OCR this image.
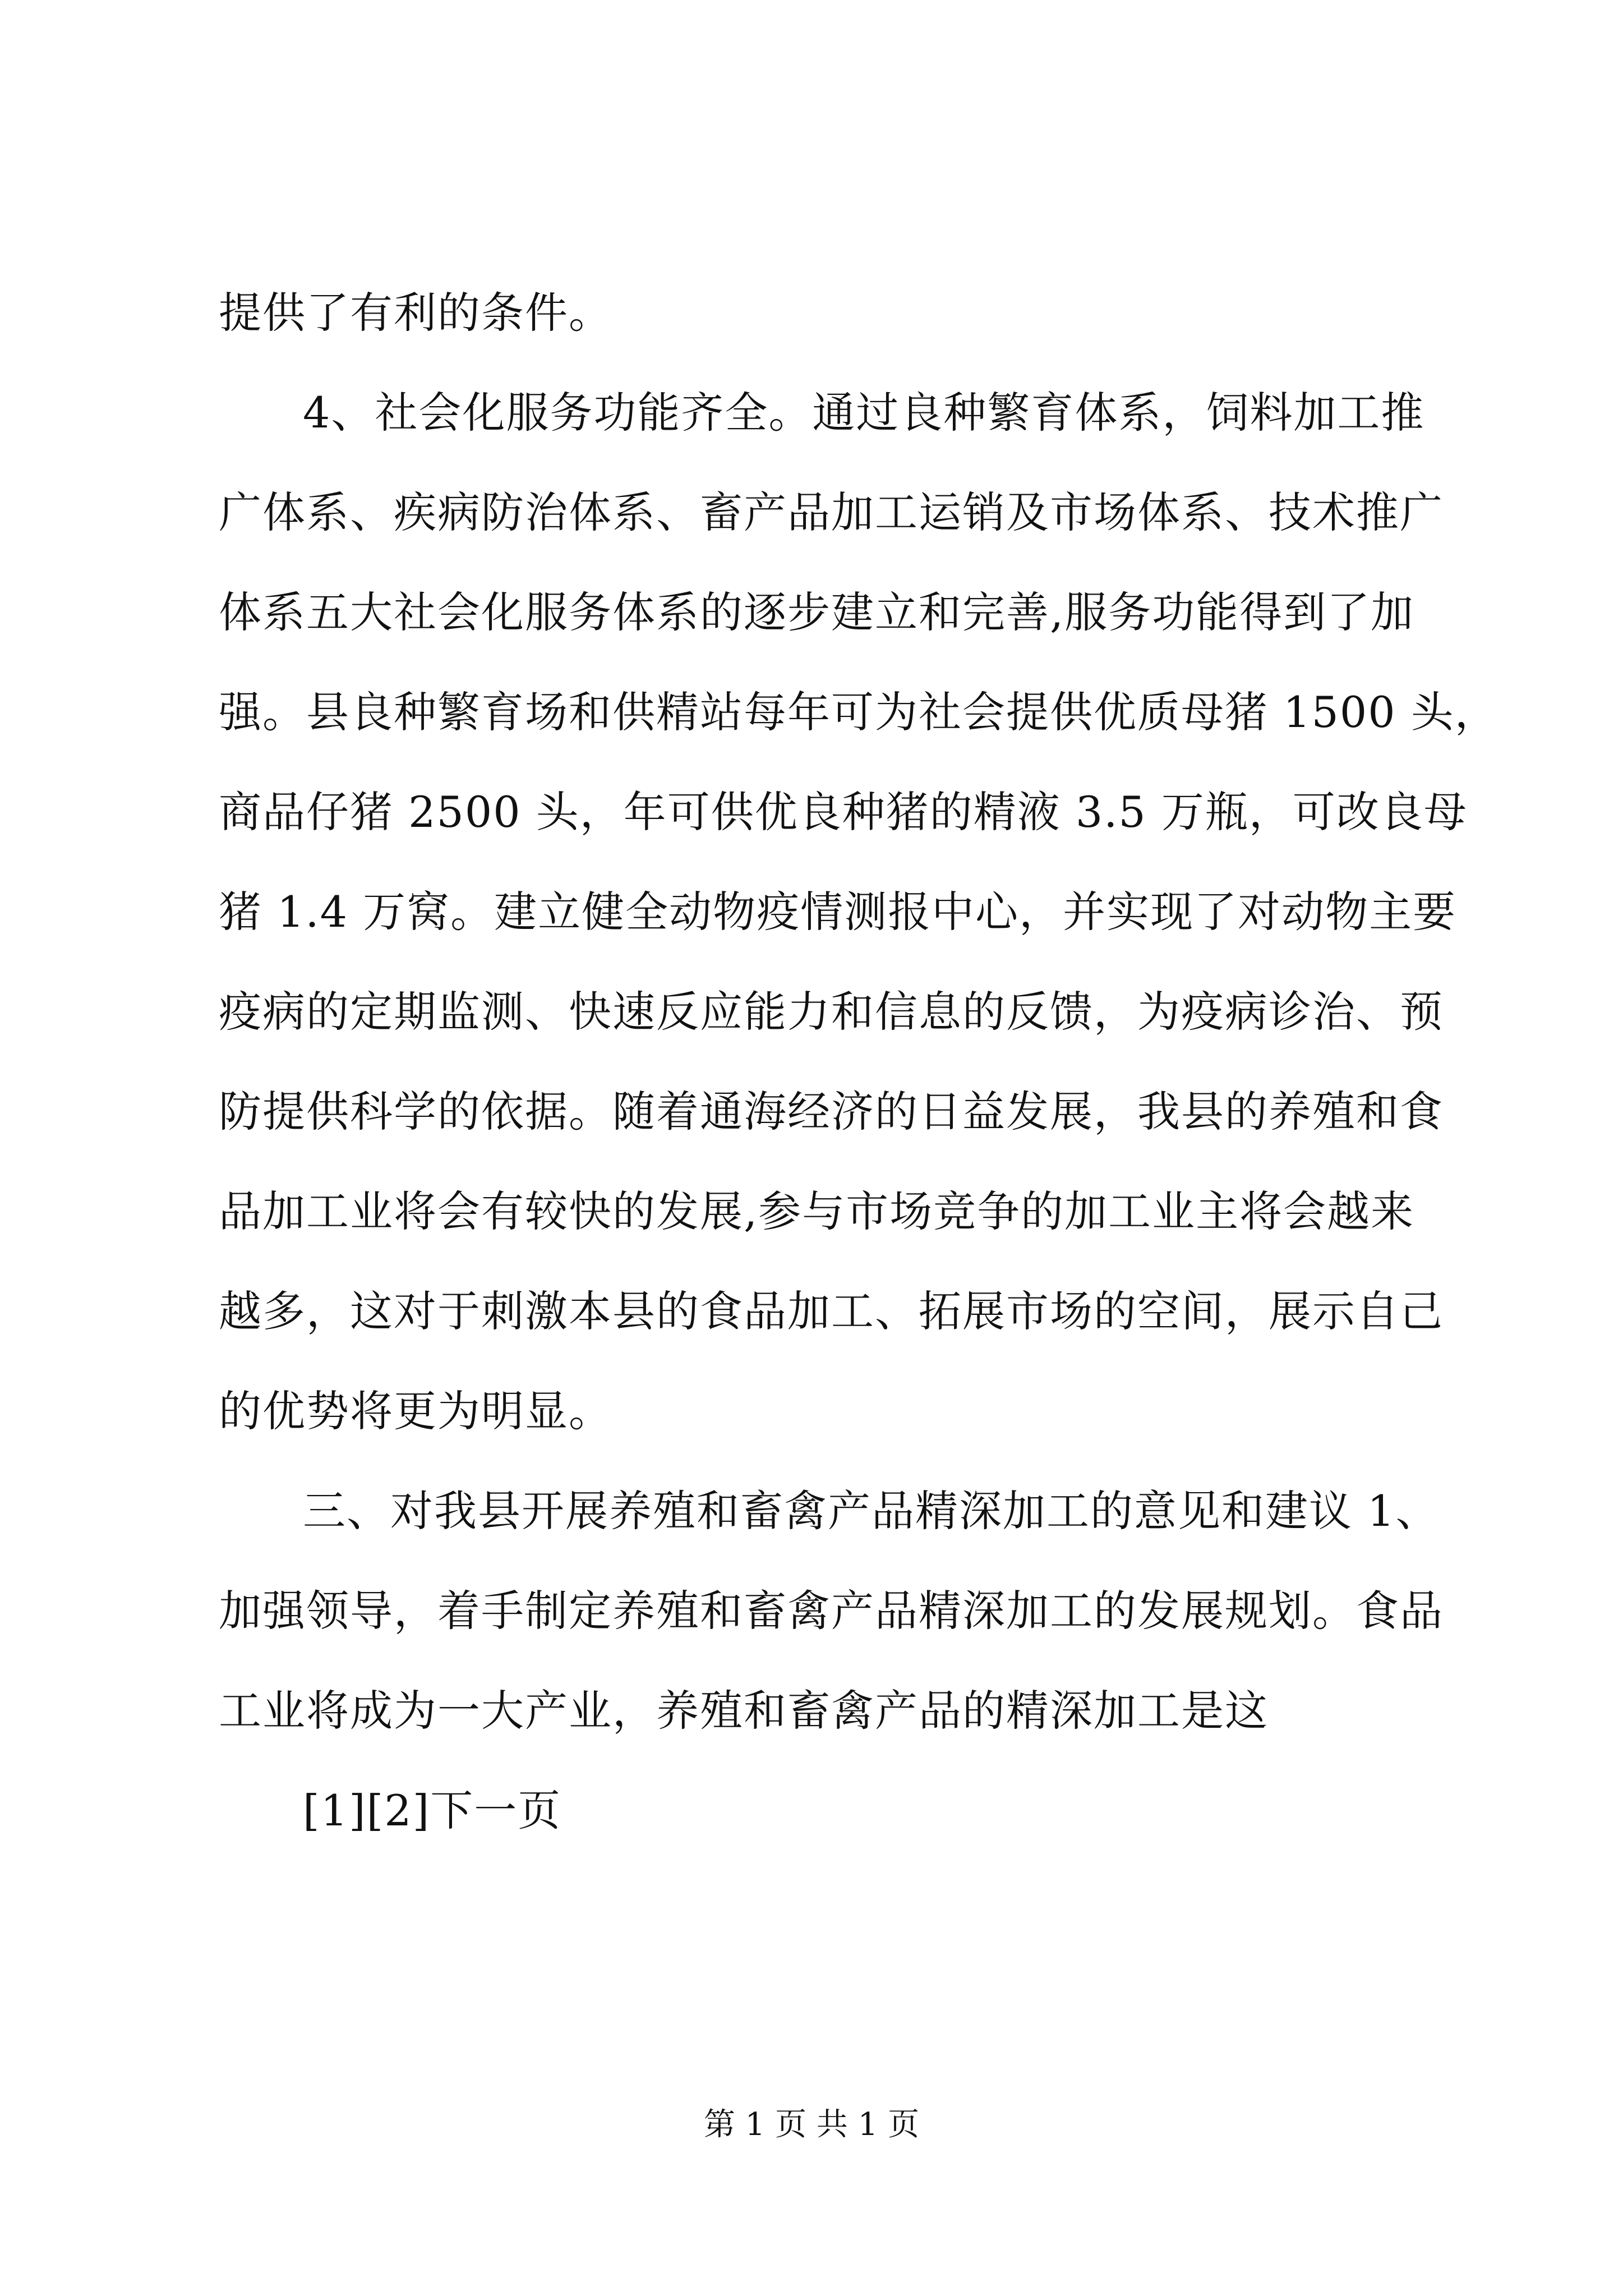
提供了有利的条件。
4、社会化服务功能齐全。通过良种繁育体系，饲料加工推
广体系、疾病防治体系、畜产品加工运销及市场体系、技术推广
体系五大社会化服务体系的逐步建立和完善,服务功能得到了加
强。县良种繁育场和供精站每年可为社会提供优质母猪 1500 头，
商品仔猪 2500 头，年可供优良种猪的精液 3.5 万瓶，可改良母
猪 1.4 万窝。建立健全动物疫情测报中心，并实现了对动物主要
疫病的定期监测、快速反应能力和信息的反馈，为疫病诊治、预
防提供科学的依据。随着通海经济的日益发展，我县的养殖和食
品加工业将会有较快的发展,参与市场竞争的加工业主将会越来
越多，这对于刺激本县的食品加工、拓展市场的空间，展示自己
的优势将更为明显。
三、对我县开展养殖和畜禽产品精深加工的意见和建议 1、
加强领导，着手制定养殖和畜禽产品精深加工的发展规划。食品
工业将成为一大产业，养殖和畜禽产品的精深加工是这
[1][2]下一页
第 1 页 共 1 页
